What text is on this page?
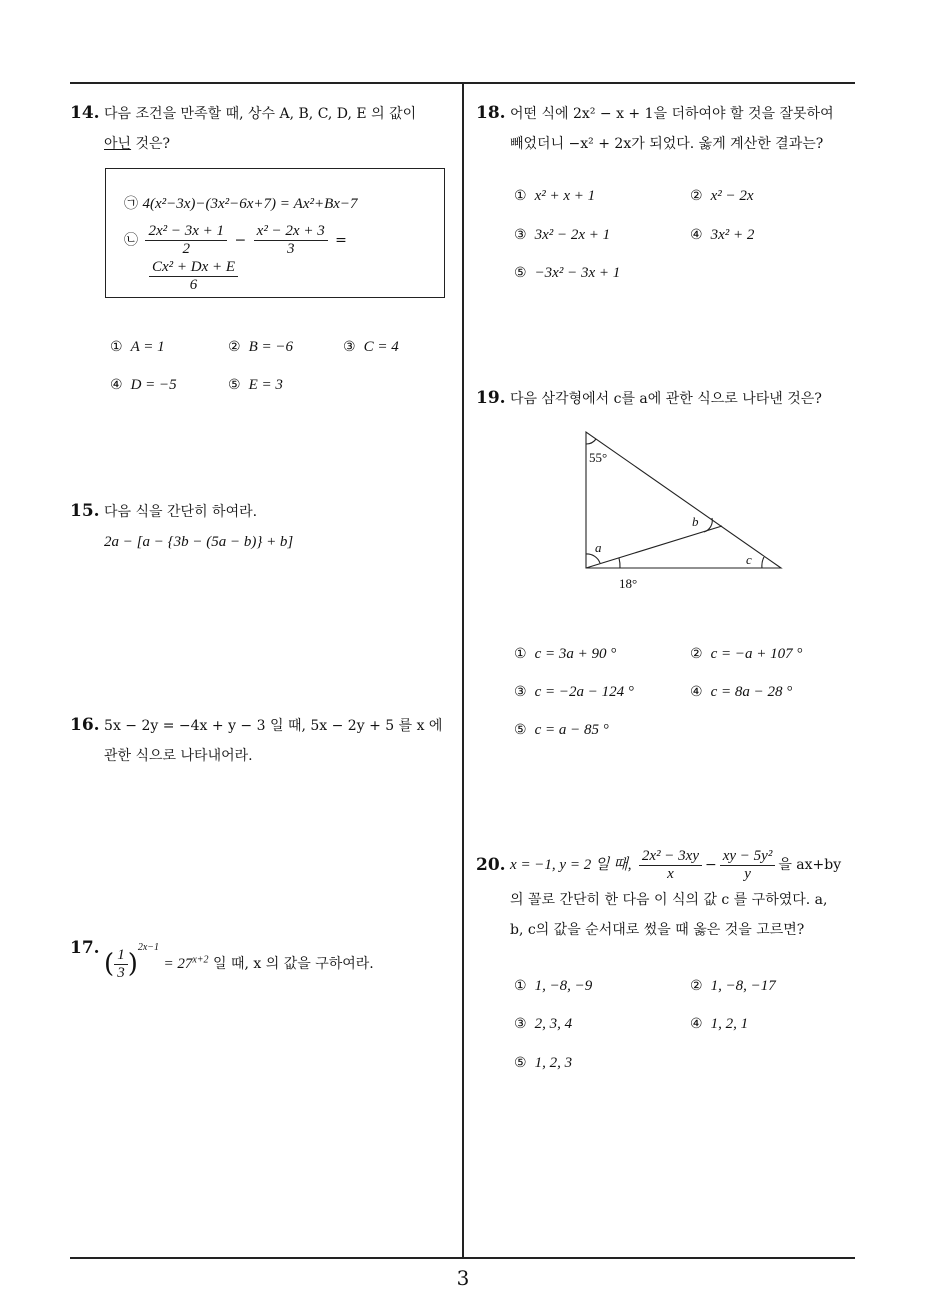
14. 다음 조건을 만족할 때, 상수 A, B, C, D, E 의 값이
아닌 것은?
㉠ 4(x²−3x)−(3x²−6x+7) = Ax²+Bx−7
㉡ $\frac{\text{2x² − 3x + 1}}{2} - \frac{\text{x² − 2x + 3}}{3}$ =
$\frac{\text{Cx² + Dx + E}}{6}$
① A = 1	② B = −6	③ C = 4
④ D = −5	⑤ E = 3
15. 다음 식을 간단히 하여라.
2a − [a − {3b − (5a − b)} + b]
16. 5x − 2y = −4x + y − 3 일 때, 5x − 2y + 5 를 x 에
관한 식으로 나타내어라.
17. ( $\frac{1}{3} )^{2x-1} = 27^{x+2}$ 일 때, x 의 값을 구하여라.
18. 어떤 식에 2x² − x + 1을 더하여야 할 것을 잘못하여
빼었더니 −x² + 2x가 되었다. 옳게 계산한 결과는?
① x² + x + 1	② x² − 2x
③ 3x² − 2x + 1	④ 3x² + 2
⑤ −3x² − 3x + 1
19. 다음 삼각형에서 c를 a에 관한 식으로 나타낸 것은?
55°
b
a
c
18°
① c = 3a + 90 °	② c = −a + 107 °
③ c = −2a − 124 °	④ c = 8a − 28 °
⑤ c = a − 85 °
20. x = −1, y = 2 일 때, $\frac{\text{2x² − 3xy}}{x} - \frac{\text{xy − 5y²}}{y}$ 을 ax+by
의 꼴로 간단히 한 다음 이 식의 값 c 를 구하였다. a,
b, c의 값을 순서대로 썼을 때 옳은 것을 고르면?
① 1, −8, −9	② 1, −8, −17
③ 2, 3, 4	④ 1, 2, 1
⑤ 1, 2, 3
3
